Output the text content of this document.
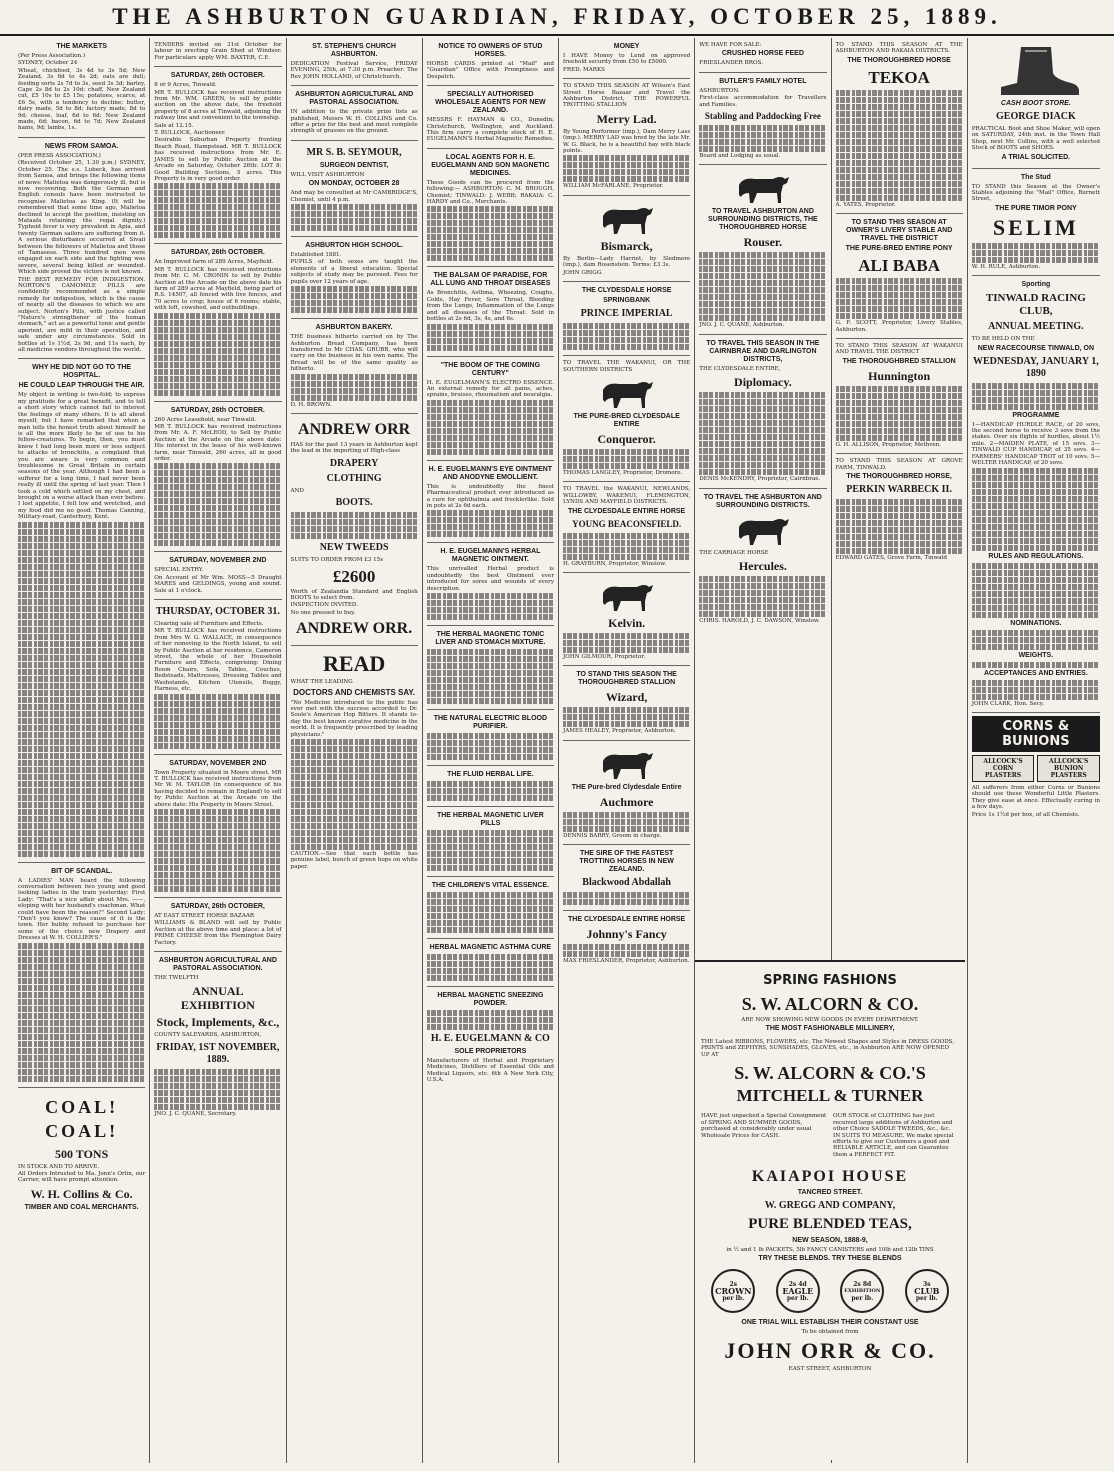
THE ASHBURTON GUARDIAN, FRIDAY, OCTOBER 25, 1889.
THE MARKETS

(Per Press Association.)

SYDNEY, October 24

Wheat, chickfeed, 3s 4d to 3s 5d; New Zealand, 3s 6d to 4s 2d; oats are dull; feeding sorts 2s 7d to 3s, seed 3s 3d; barley, Cape 2s 8d to 2s 10d; chaff, New Zealand cut, £5 10s to £5 15s; potatoes, scarce, at £6 5s, with a tendency to decline; butter, dairy made, 5d to 8d; factory made, 8d to 9d; cheese, loaf, 6d to 6d; New Zealand made, 6d; bacon, 6d to 7d; New Zealand hams, 9d; lambs, 1s.

NEWS FROM SAMOA.

(PER PRESS ASSOCIATION.)

(Received October 25, 1.30 p.m.) SYDNEY, October 25. The s.s. Lubeck, has arrived from Samoa, and brings the following items of news: Malietoa was dangerously ill, but is now recovering. Both the German and English consuls have been instructed to recognise Malietoa as King. (It will be remembered that some time ago, Malietoa declined to accept the position, insisting on Mataafa retaining the regal dignity.) Typhoid fever is very prevalent in Apia, and twenty German sailors are suffering from it. A serious disturbance occurred at Sivaii between the followers of Malietoa and those of Tamasese. Three hundred men were engaged on each side and the fighting was severe, several being killed or wounded. Which side proved the victors is not known.

THE BEST REMEDY FOR INDIGESTION. NORTON'S CAMOMILE PILLS are confidently recommended as a simple remedy for indigestion, which is the cause of nearly all the diseases to which we are subject. Norton's Pills, with justice called "Nature's strengthener of the human stomach," act as a powerful tonic and gentle aperient, are mild in their operation, and safe under any circumstances. Sold in bottles at 1s 1½d, 2s 9d, and 11s each, by all medicine vendors throughout the world.

WHY HE DID NOT GO TO THE HOSPITAL.
HE COULD LEAP THROUGH THE AIR.

My object in writing is two-fold; to express my gratitude for a great benefit, and to tell a short story which cannot fail to interest the feelings of many others. It is all about myself, but I have remarked that when a man tells the honest truth about himself he is all the more likely to be of use to his fellow-creatures. To begin, then, you must know I had long been more or less subject to attacks of bronchitis, a complaint that you are aware is very common and troublesome in Great Britain in certain seasons of the year. Although I had been a sufferer for a long time, I had never been really ill until the spring of last year. Then I took a cold which settled on my chest, and brought on a worse attack than ever before. I lost appetite, I felt low and wretched, and my food did me no good. Thomas Canning, Military-road, Canterbury, Kent.

BIT OF SCANDAL.

A LADIES' MAN heard the following conversation between two young and good looking ladies in the train yesterday: First Lady: "That's a nice affair about Mrs. ——, eloping with her husband's coachman. What could have been the reason?" Second Lady: "Don't you know? The cause of it is the town. Her hubby refused to purchase her some of the choice new Drapery and Dresses at W. H. COLLIER'S."

COAL! COAL!
500 TONS

IN STOCK AND TO ARRIVE.

All Orders Intrusted to Ma. Jonn's Orlin, our Carrier, will have prompt attention.

W. H. Collins & Co.
TIMBER AND COAL MERCHANTS.

TENDERS invited on 31st October for labour in erecting Grain Shed at Windsor. For particulars apply WM. BAXTER, C.E.

SATURDAY, 26th OCTOBER.

8 or 9 Acres, Tinwald.

MR T. BULLOCK has received instructions from Mr. WM. GREEN, to sell by public auction on the above date, the freehold property of 8 acres at Tinwald, adjoining the railway line and convenient to the township.

Sale at 12.15.

T. BULLOCK, Auctioneer.

Desirable Suburban Property fronting Beach Road, Hampstead. MR T. BULLOCK has received instructions from Mr. E. JAMES to sell by Public Auction at the Arcade on Saturday, October 26th: LOT 8: Good Building Sections, 5 acres. This Property is in very good order.

SATURDAY, 26th OCTOBER.

An Improved farm of 289 Acres, Mayfield.

MR T. BULLOCK has received instructions from Mr. C. M. CRONIN to sell by Public Auction at the Arcade on the above date his farm of 289 acres at Mayfield, being part of R.S. 14507, all fenced with live fences, and 70 acres to crop; house of 6 rooms; stable, with loft, cowshed, and outbuildings.

SATURDAY, 26th OCTOBER.

260 Acres Leasehold, near Tinwald.

MR T. BULLOCK has received instructions from Mr. A. F. McLEOD, to Sell by Public Auction at the Arcade on the above date: His interest in the lease of his well-known farm, near Tinwald, 260 acres, all in good order.

SATURDAY, NOVEMBER 2ND

SPECIAL ENTRY.

On Account of Mr Wm. MOSS—5 Draught MARES and GELDINGS, young and sound. Sale at 1 o'clock.

THURSDAY, OCTOBER 31.

Clearing sale of Furniture and Effects.

MR T. BULLOCK has received instructions from Mrs W. G. WALLACE, in consequence of her removing to the North Island, to sell by Public Auction at her residence, Cameron street, the whole of her Household Furniture and Effects, comprising: Dining Room Chairs, Sofa, Tables, Couches, Bedsteads, Mattresses, Dressing Tables and Washstands, Kitchen Utensils, Buggy, Harness, etc.

SATURDAY, NOVEMBER 2ND

Town Property situated in Moore street. MR T. BULLOCK has received instructions from Mr W. M. TAYLOR (in consequence of his having decided to remain in England) to sell by Public Auction at the Arcade on the above date: His Property in Moore Street.

SATURDAY, 26th OCTOBER,

AT EAST STREET HORSE BAZAAR

WILLIAMS & BLAND will sell by Public Auction at the above time and place: a lot of PRIME CHEESE from the Flemington Dairy Factory.

ASHBURTON AGRICULTURAL AND PASTORAL ASSOCIATION.

THE TWELFTH

ANNUAL EXHIBITION
Stock, Implements, &c.,

COUNTY SALEYARDS, ASHBURTON,

FRIDAY, 1ST NOVEMBER, 1889.

JNO. J. C. QUANE, Secretary.

ST. STEPHEN'S CHURCH ASHBURTON.

DEDICATION Festival Service, FRIDAY EVENING, 25th, at 7.30 p.m. Preacher: The Rev JOHN HOLLAND, of Christchurch.

ASHBURTON AGRICULTURAL AND PASTORAL ASSOCIATION.

IN addition to the private prize lists as published, Messrs W. H. COLLINS and Co. offer a prize for the best and most complete strength of grasses on the ground.

MR S. B. SEYMOUR,
SURGEON DENTIST,

WILL VISIT ASHBURTON

ON MONDAY, OCTOBER 28

And may be consulted at Mr CAMBRIDGE'S, Chemist, until 4 p.m.

ASHBURTON HIGH SCHOOL.

Established 1881.

PUPILS of both sexes are taught the elements of a liberal education. Special subjects of study may be pursued. Fees for pupils over 12 years of age.

ASHBURTON BAKERY.

THE business hitherto carried on by The Ashburton Bread Company, has been transferred to Mr CHAS. GRUBB, who will carry on the business in his own name. The Bread will be of the same quality as hitherto.

D. H. BROWN.

ANDREW ORR

HAS for the past 13 years in Ashburton kept the lead in the importing of High-class

DRAPERY
CLOTHING

AND

BOOTS.
NEW TWEEDS

SUITS TO ORDER FROM £3 15s

£2600

Worth of Zealandia Standard and English BOOTS to select from.

INSPECTION INVITED.

No one pressed to buy.

ANDREW ORR.
READ

WHAT THE LEADING

DOCTORS AND CHEMISTS SAY.

"No Medicine introduced to the public has ever met with the success accorded to Dr. Soule's American Hop Bitters. It stands to-day the best known curative medicine in the world. It is frequently prescribed by leading physicians."

CAUTION.—See that each bottle has genuine label, bunch of green hops on white paper.

NOTICE TO OWNERS OF STUD HORSES.

HORSE CARDS printed at "Mail" and "Guardian" Office with Promptness and Despatch.

SPECIALLY AUTHORISED WHOLESALE AGENTS FOR NEW ZEALAND.

MESSRS F. HAYMAN & CO., Dunedin; Christchurch, Wellington, and Auckland. This firm carry a complete stock of H. E. EUGELMANN'S Herbal Magnetic Remedies.

LOCAL AGENTS FOR H. E. EUGELMANN AND SON MAGNETIC MEDICINES.

These Goods can be procured from the following:— ASHBURTON: C. M. BROUGH, Chemist; TINWALD: J. WEBB; RAKAIA: C. HARDY and Co., Merchants.

THE BALSAM OF PARADISE, FOR ALL LUNG AND THROAT DISEASES

As Bronchitis, Asthma, Wheezing, Coughs, Colds, Hay Fever, Sore Throat, Bleeding from the Lungs, Inflammation of the Lungs and all diseases of the Throat. Sold in bottles at 2s 6d, 3s, 4s, and 6s.

"THE BOOM OF THE COMING CENTURY"

H. E. EUGELMANN'S ELECTRO ESSENCE. An external remedy for all pains, aches, sprains, bruises, rheumatism and neuralgia.

H. E. EUGELMANN'S EYE OINTMENT AND ANODYNE EMOLLIENT.

This is undoubtedly the finest Pharmaceutical product ever introduced as a cure for ophthalmia and frecklerlike. Sold in pots at 2s 6d each.

H. E. EUGELMANN'S HERBAL MAGNETIC OINTMENT.

This unrivalled Herbal product is undoubtedly the best Ointment ever introduced for sores and wounds of every description.

THE HERBAL MAGNETIC TONIC LIVER AND STOMACH MIXTURE.
THE NATURAL ELECTRIC BLOOD PURIFIER.
THE FLUID HERBAL LIFE.
THE HERBAL MAGNETIC LIVER PILLS
THE CHILDREN'S VITAL ESSENCE.
HERBAL MAGNETIC ASTHMA CURE
HERBAL MAGNETIC SNEEZING POWDER.
H. E. EUGELMANN & CO
SOLE PROPRIETORS

Manufacturers of Herbal and Proprietary Medicines, Distillers of Essential Oils and Medical Liquors, etc. 6th A New York City, U.S.A.

MONEY

I HAVE Money to Lend on approved freehold security from £50 to £5000.

FRED. MARKS

TO STAND THIS SEASON AT Wilson's East Street Horse Bazaar and Travel the Ashburton District, THE POWERFUL TROTTING STALLION

Merry Lad.

By Young Performer (imp.), Dam Merry Lass (imp.). MERRY LAD was bred by the late Mr. W. G. Black, he is a beautiful bay with black points.

WILLIAM McFARLANE, Proprietor.

Bismarck,

By Berlin—Lady Harriet, by Sledmere (imp.), dam Rosenstein. Terms: £3 3s.

JOHN GRIGG.

THE CLYDESDALE HORSE
SPRINGBANK
PRINCE IMPERIAL

TO TRAVEL THE WAKANUI, OR THE SOUTHERN DISTRICTS

THE PURE-BRED CLYDESDALE ENTIRE
Conqueror.

THOMAS LANGLEY, Proprietor, Dromore.

TO TRAVEL the WAKANUI, NEWLANDS, WILLOWBY, WAKENUI, FLEMINGTON, LYNDS AND MAYFIELD DISTRICTS.

THE CLYDESDALE ENTIRE HORSE
YOUNG BEACONSFIELD.

H. GRAYBURN, Proprietor, Winslow.

Kelvin.

JOHN GILMOUR, Proprietor.

TO STAND THIS SEASON THE THOROUGHBRED STALLION
Wizard,

JAMES HEALEY, Proprietor, Ashburton.

THE Pure-bred Clydesdale Entire
Auchmore

DENNIS BARRY, Groom in charge.

THE SIRE OF THE FASTEST TROTTING HORSES IN NEW ZEALAND.
Blackwood Abdallah
THE CLYDESDALE ENTIRE HORSE
Johnny's Fancy

MAX FRIESLANDER, Proprietor, Ashburton.

WE HAVE FOR SALE:

CRUSHED HORSE FEED

FRIESLANDER BROS.

BUTLER'S FAMILY HOTEL

ASHBURTON.

First-class accommodation for Travellers and Families.

Stabling and Paddocking Free

Board and Lodging as usual.

TO TRAVEL ASHBURTON AND SURROUNDING DISTRICTS, THE THOROUGHBRED HORSE
Rouser.

JNO. J. C. QUANE, Ashburton.

TO TRAVEL THIS SEASON IN THE CAIRNBRAE AND DARLINGTON DISTRICTS,

THE CLYDESDALE ENTIRE,

Diplomacy.

DENIS McKENDRY, Proprietor, Cairnbrae.

TO TRAVEL THE ASHBURTON AND SURROUNDING DISTRICTS.

THE CARRIAGE HORSE

Hercules.

CHRIS. HAROLD, J. C. DAWSON, Winslow.

TO STAND THIS SEASON AT THE ASHBURTON AND RAKAIA DISTRICTS.

THE THOROUGHBRED HORSE
TEKOA

A. YATES, Proprietor.

TO STAND THIS SEASON AT OWNER'S LIVERY STABLE AND TRAVEL THE DISTRICT
THE PURE-BRED ENTIRE PONY
ALI BABA

G. F. SCOTT, Proprietor, Livery Stables, Ashburton.

TO STAND THIS SEASON AT WAKANUI AND TRAVEL THE DISTRICT

THE THOROUGHBRED STALLION
Hunnington

G. H. ALLISON, Proprietor, Methven.

TO STAND THIS SEASON AT GROVE FARM, TINWALD.

THE THOROUGHBRED HORSE,
PERKIN WARBECK II.

EDWARD GATES, Grove Farm, Tinwald

CASH BOOT STORE.
GEORGE DIACK

PRACTICAL Boot and Shoe Maker, will open on SATURDAY, 24th inst. in the Town Hall Shop, next Mr. Collins, with a well selected Stock of BOOTS and SHOES.

A TRIAL SOLICITED.
The Stud

TO STAND this Season at the Owner's Stables adjoining the "Mail" Office, Burnett Street,

THE PURE TIMOR PONY
SELIM

W. H. RULE, Ashburton.

Sporting
TINWALD RACING CLUB,
ANNUAL MEETING.

TO BE HELD ON THE

NEW RACECOURSE TINWALD, ON
WEDNESDAY, JANUARY 1, 1890
PROGRAMME

1—HANDICAP HURDLE RACE, of 20 sovs, the second horse to receive 3 sovs from the stakes. Over six flights of hurdles, about 1½ mile. 2—MAIDEN PLATE, of 15 sovs. 3—TINWALD CUP HANDICAP, of 35 sovs. 4—FARMERS' HANDICAP TROT of 10 sovs. 5—WELTER HANDICAP, of 20 sovs.

RULES AND REGULATIONS.
NOMINATIONS.
WEIGHTS.
ACCEPTANCES AND ENTRIES.

JOHN CLARK, Hon. Secy.

CORNS & BUNIONS
ALLCOCK'S CORN PLASTERS
ALLCOCK'S BUNION PLASTERS

All sufferers from either Corns or Bunions should use these Wonderful Little Plasters. They give ease at once. Effectually curing in a few days.

Price 1s 1½d per box, of all Chemists.

SPRING FASHIONS
S. W. ALCORN & CO.

ARE NOW SHOWING NEW GOODS IN EVERY DEPARTMENT.

THE MOST FASHIONABLE MILLINERY,

THE Latest RIBBONS, FLOWERS, etc. The Newest Shapes and Styles in DRESS GOODS, PRINTS and ZEPHYRS, SUNSHADES, GLOVES, etc., in Ashburton ARE NOW OPENED UP AT

S. W. ALCORN & CO.'S
MITCHELL & TURNER

HAVE just unpacked a Special Consignment of SPRING AND SUMMER GOODS, purchased at considerably under usual Wholesale Prices for CASH.

OUR STOCK of CLOTHING has just received large additions of Ashburton and other Choice SADDLE TWEEDS, &c., &c. IN SUITS TO MEASURE. We make special efforts to give our Customers a good and RELIABLE ARTICLE, and can Guarantee them a PERFECT FIT.

KAIAPOI HOUSE
TANCRED STREET.
W. GREGG AND COMPANY,
PURE BLENDED TEAS,
NEW SEASON, 1888-9,

in ½ and 1 lb PACKETS, 5lb FANCY CANISTERS and 10lb and 12lb TINS

TRY THESE BLENDS. TRY THESE BLENDS
2s
CROWN
per lb.
2s 4d
EAGLE
per lb.
2s 8d
EXHIBITION
per lb.
3s
CLUB
per lb.
ONE TRIAL WILL ESTABLISH THEIR CONSTANT USE

To be obtained from

JOHN ORR & CO.

EAST STREET, ASHBURTON
